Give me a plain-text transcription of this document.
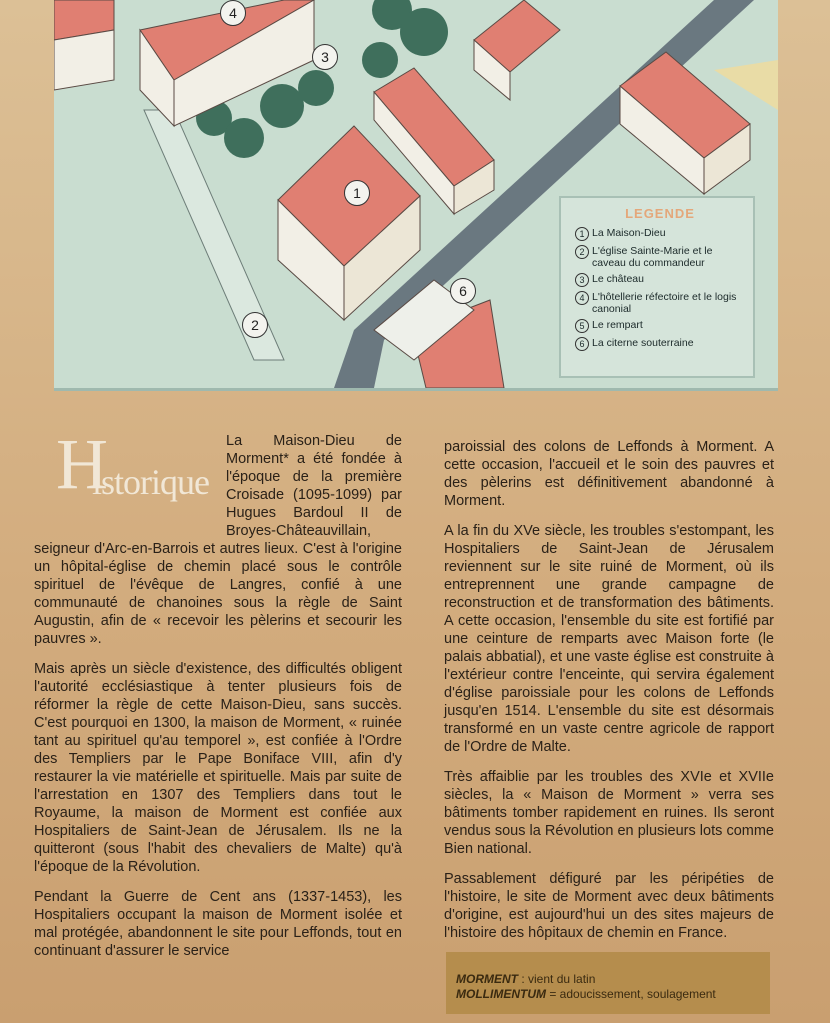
4
3
1
2
6
LEGENDE
1 La Maison-Dieu
2 L'église Sainte-Marie et le caveau du commandeur
3 Le château
4 L'hôtellerie réfectoire et le logis canonial
5 Le rempart
6 La citerne souterraine
H
istorique

La Maison-Dieu de Morment* a été fondée à l'époque de la première Croisade (1095-1099) par Hugues Bardoul II de Broyes-Châteauvillain,

seigneur d'Arc-en-Barrois et autres lieux. C'est à l'origine un hôpital-église de chemin placé sous le contrôle spirituel de l'évêque de Langres, confié à une communauté de chanoines sous la règle de Saint Augustin, afin de « recevoir les pèlerins et secourir les pauvres ».

Mais après un siècle d'existence, des difficultés obligent l'autorité ecclésiastique à tenter plusieurs fois de réformer la règle de cette Maison-Dieu, sans succès. C'est pourquoi en 1300, la maison de Morment, « ruinée tant au spirituel qu'au temporel », est confiée à l'Ordre des Templiers par le Pape Boniface VIII, afin d'y restaurer la vie matérielle et spirituelle. Mais par suite de l'arrestation en 1307 des Templiers dans tout le Royaume, la maison de Morment est confiée aux Hospitaliers de Saint-Jean de Jérusalem. Ils ne la quitteront (sous l'habit des chevaliers de Malte) qu'à l'époque de la Révolution.

Pendant la Guerre de Cent ans (1337-1453), les Hospitaliers occupant la maison de Morment isolée et mal protégée, abandonnent le site pour Leffonds, tout en continuant d'assurer le service

paroissial des colons de Leffonds à Morment. A cette occasion, l'accueil et le soin des pauvres et des pèlerins est définitivement abandonné à Morment.

A la fin du XVe siècle, les troubles s'estompant, les Hospitaliers de Saint-Jean de Jérusalem reviennent sur le site ruiné de Morment, où ils entreprennent une grande campagne de reconstruction et de transformation des bâtiments. A cette occasion, l'ensemble du site est fortifié par une ceinture de remparts avec Maison forte (le palais abbatial), et une vaste église est construite à l'extérieur contre l'enceinte, qui servira également d'église paroissiale pour les colons de Leffonds jusqu'en 1514. L'ensemble du site est désormais transformé en un vaste centre agricole de rapport de l'Ordre de Malte.

Très affaiblie par les troubles des XVIe et XVIIe siècles, la « Maison de Morment » verra ses bâtiments tomber rapidement en ruines. Ils seront vendus sous la Révolution en plusieurs lots comme Bien national.

Passablement défiguré par les péripéties de l'histoire, le site de Morment avec deux bâtiments d'origine, est aujourd'hui un des sites majeurs de l'histoire des hôpitaux de chemin en France.

MORMENT : vient du latin
MOLLIMENTUM = adoucissement, soulagement
